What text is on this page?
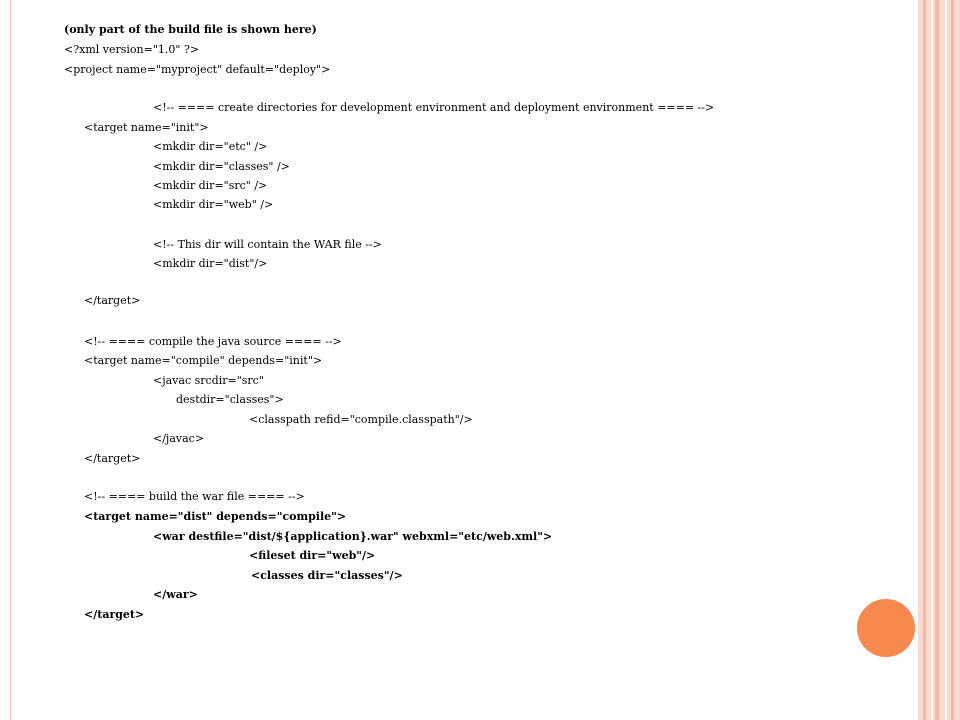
(only part of the build file is shown here)
<?xml version="1.0" ?>
<project name="myproject" default="deploy">
<!-- ==== create directories for development environment and deployment environment ==== -->
<target name="init">
<mkdir dir="etc" />
<mkdir dir="classes" />
<mkdir dir="src" />
<mkdir dir="web" />
<!-- This dir will contain the WAR file -->
<mkdir dir="dist"/>
</target>
<!-- ==== compile the java source ==== -->
<target name="compile" depends="init">
<javac srcdir="src"
destdir="classes">
<classpath refid="compile.classpath"/>
</javac>
</target>
<!-- ==== build the war file ==== -->
<target name="dist" depends="compile">
<war destfile="dist/${application}.war" webxml="etc/web.xml">
<fileset dir="web"/>
<classes dir="classes"/>
</war>
</target>
